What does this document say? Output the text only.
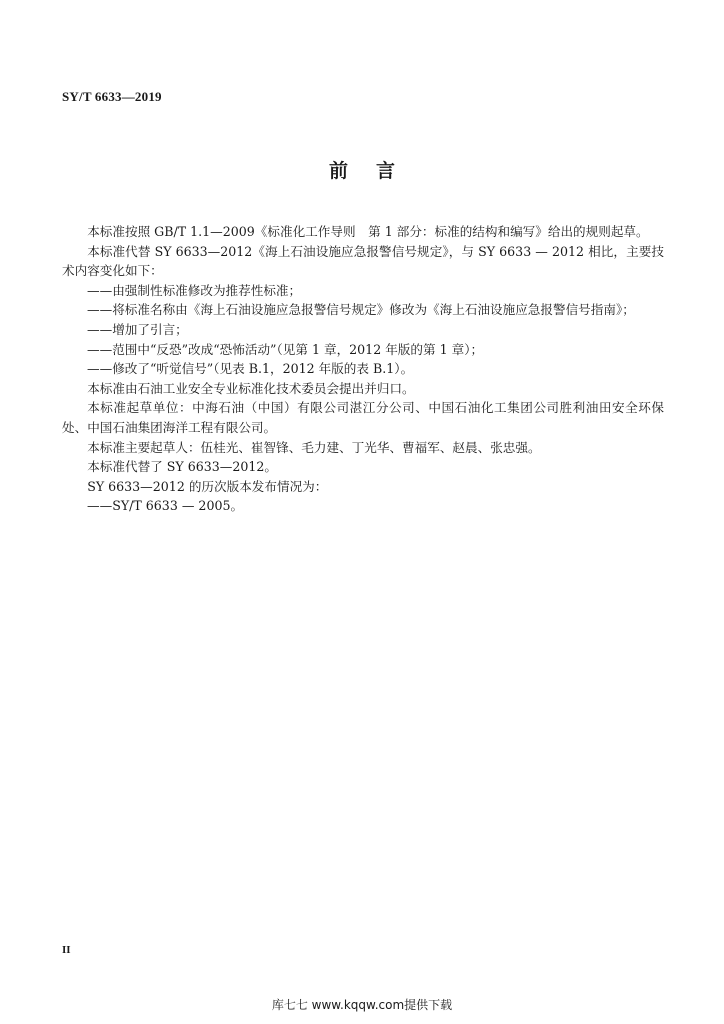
SY/T 6633—2019
前言

本标准按照 GB/T 1.1—2009《标准化工作导则　第 1 部分：标准的结构和编写》给出的规则起草。

本标准代替 SY 6633—2012《海上石油设施应急报警信号规定》，与 SY 6633 — 2012 相比，主要技术内容变化如下：

——由强制性标准修改为推荐性标准；

——将标准名称由《海上石油设施应急报警信号规定》修改为《海上石油设施应急报警信号指南》；

——增加了引言；

——范围中“反恐”改成“恐怖活动”（见第 1 章，2012 年版的第 1 章）；

——修改了“听觉信号”（见表 B.1，2012 年版的表 B.1）。

本标准由石油工业安全专业标准化技术委员会提出并归口。

本标准起草单位：中海石油（中国）有限公司湛江分公司、中国石油化工集团公司胜利油田安全环保处、中国石油集团海洋工程有限公司。

本标准主要起草人：伍桂光、崔智锋、毛力建、丁光华、曹福军、赵晨、张忠强。

本标准代替了 SY 6633—2012。

SY 6633—2012 的历次版本发布情况为：

——SY/T 6633 — 2005。

II
库七七 www.kqqw.com提供下载
